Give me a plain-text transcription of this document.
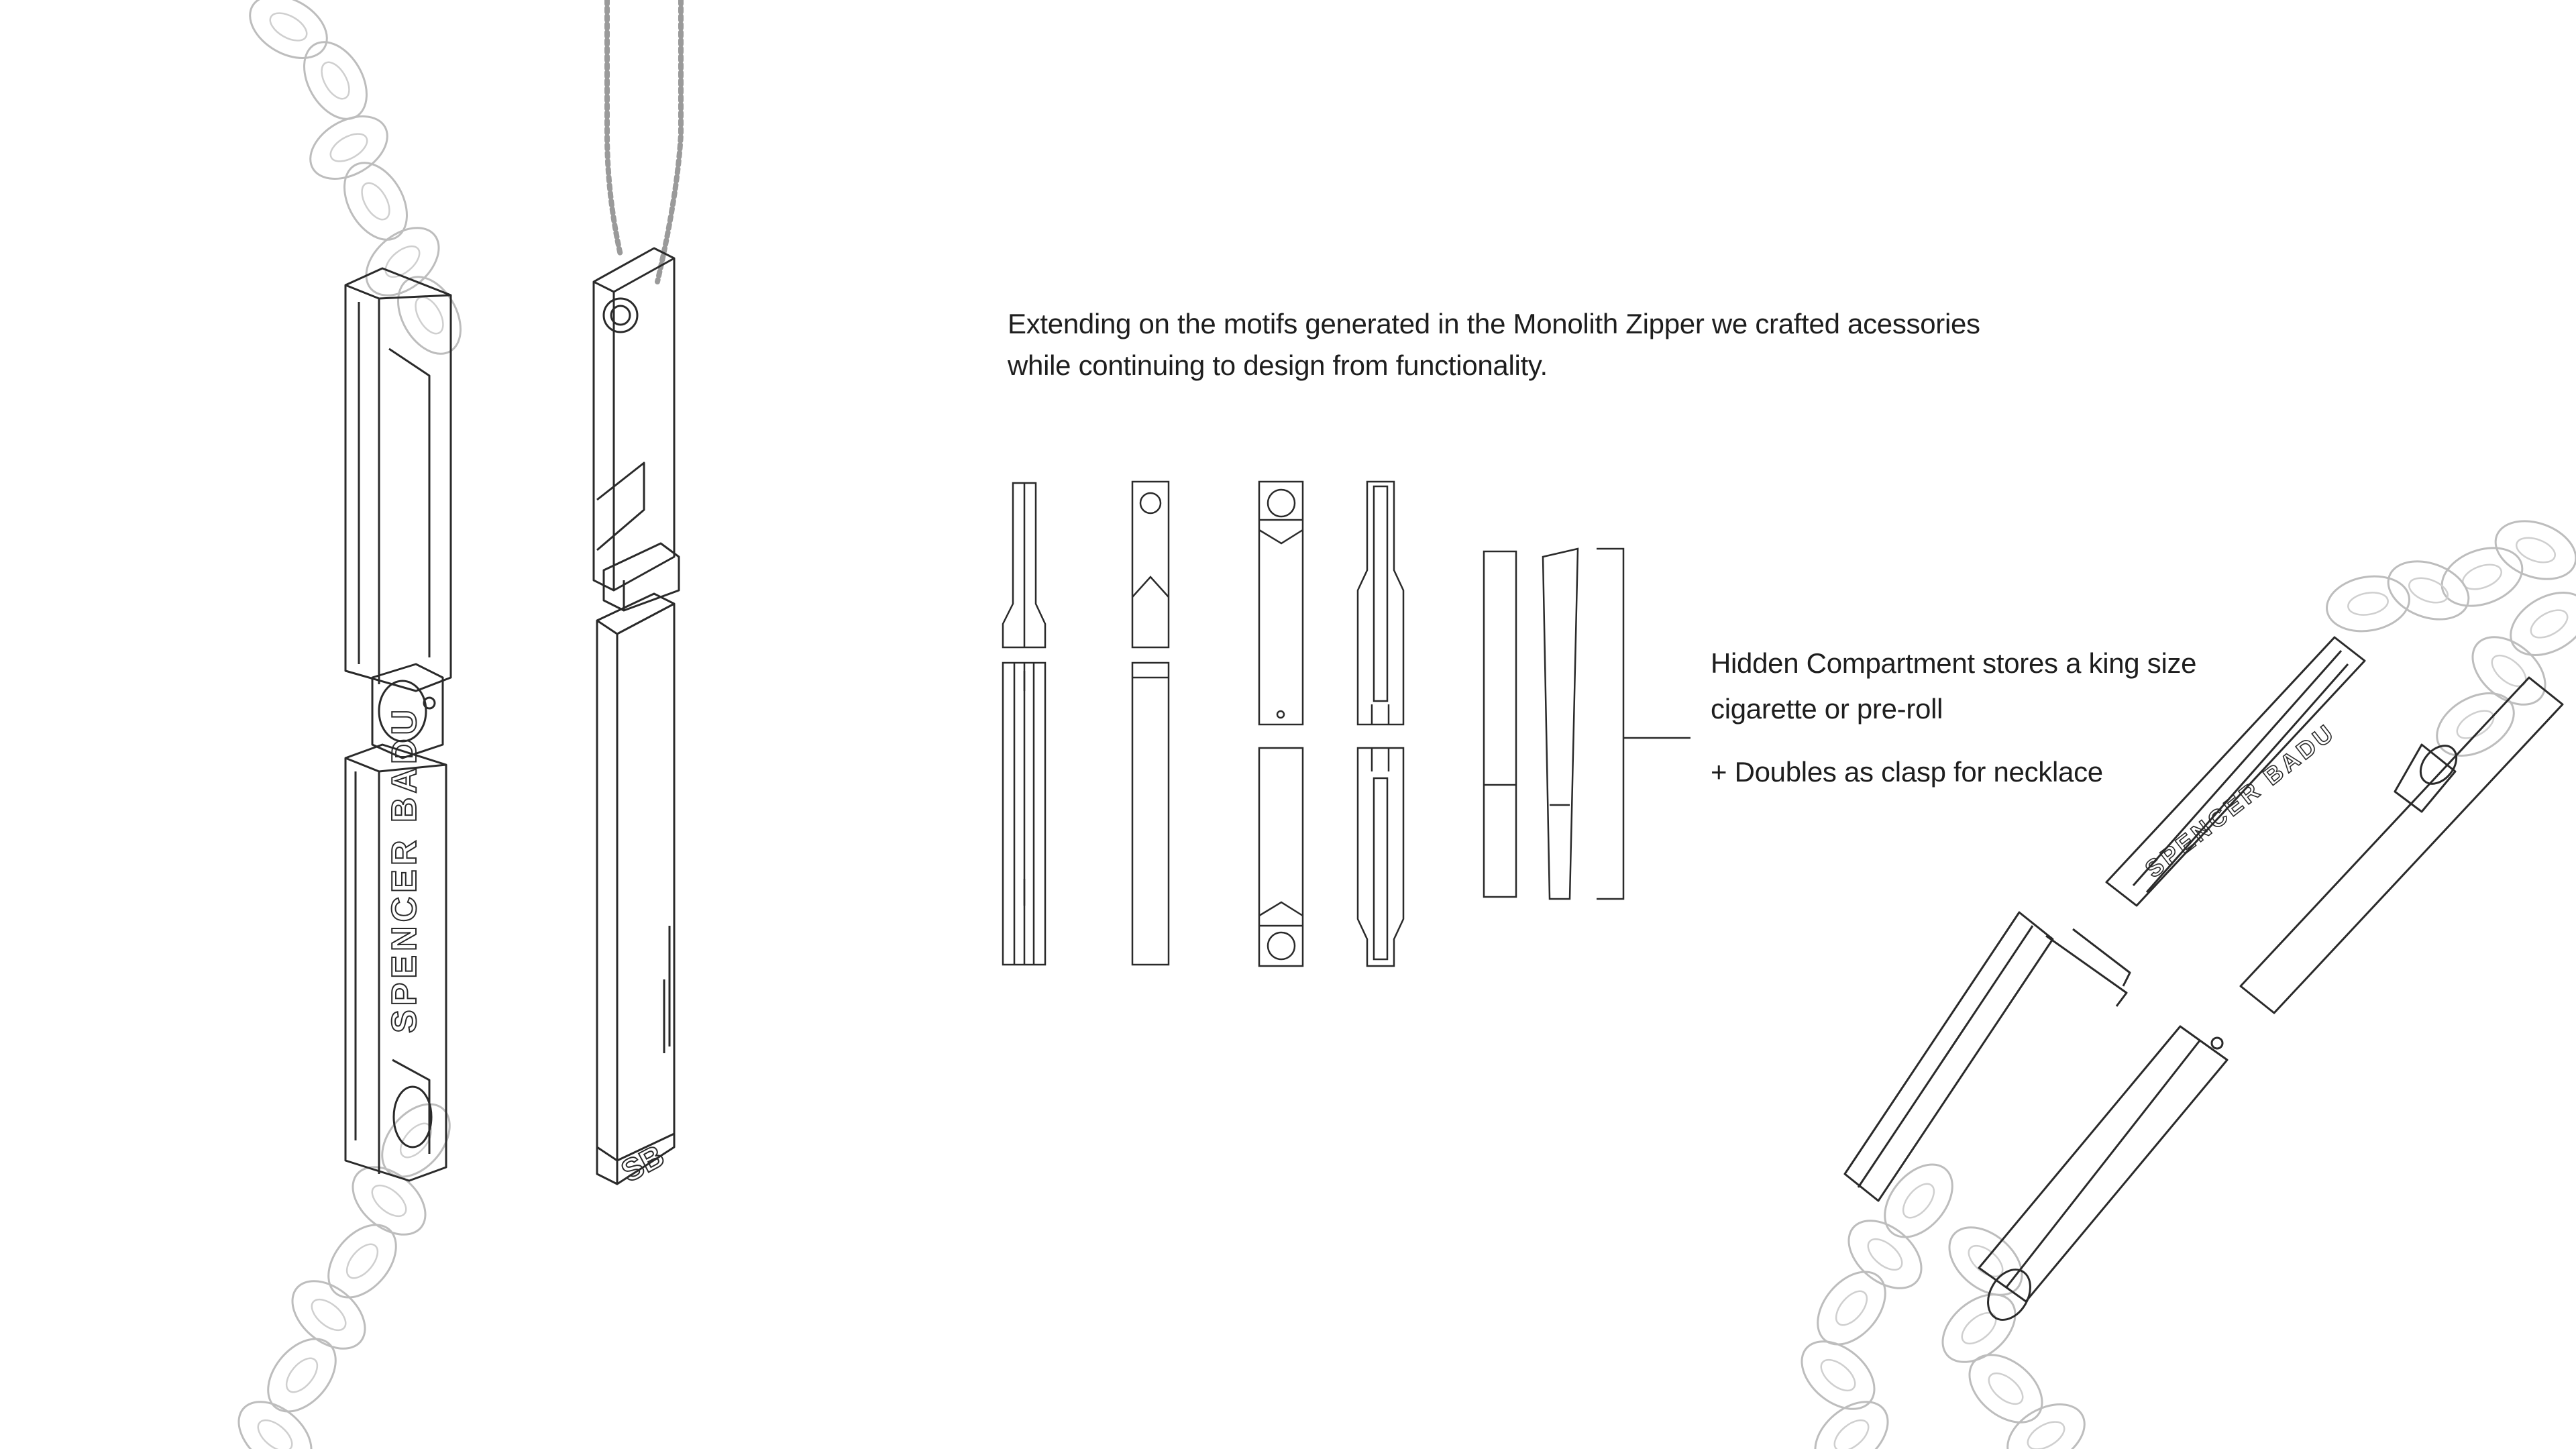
SPENCER BADU
SB
SPENCER BADU
Extending on the motifs generated in the Monolith Zipper we crafted acessories
while continuing to design from functionality.
Hidden Compartment stores a king size
cigarette or pre-roll
+ Doubles as clasp for necklace
